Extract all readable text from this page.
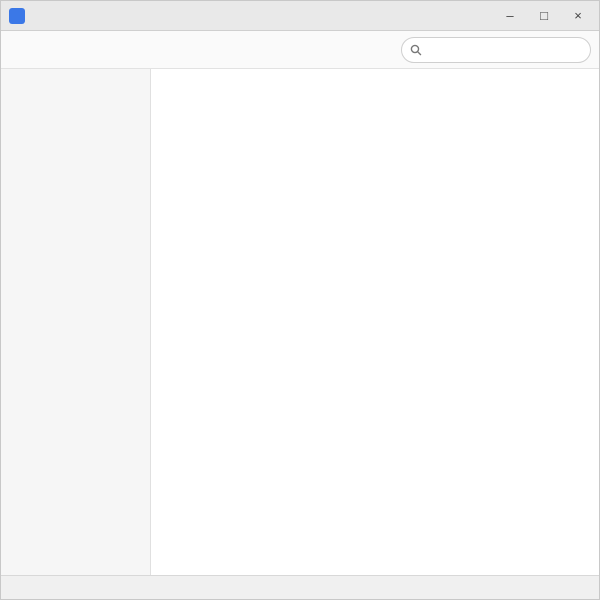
–	□	×
